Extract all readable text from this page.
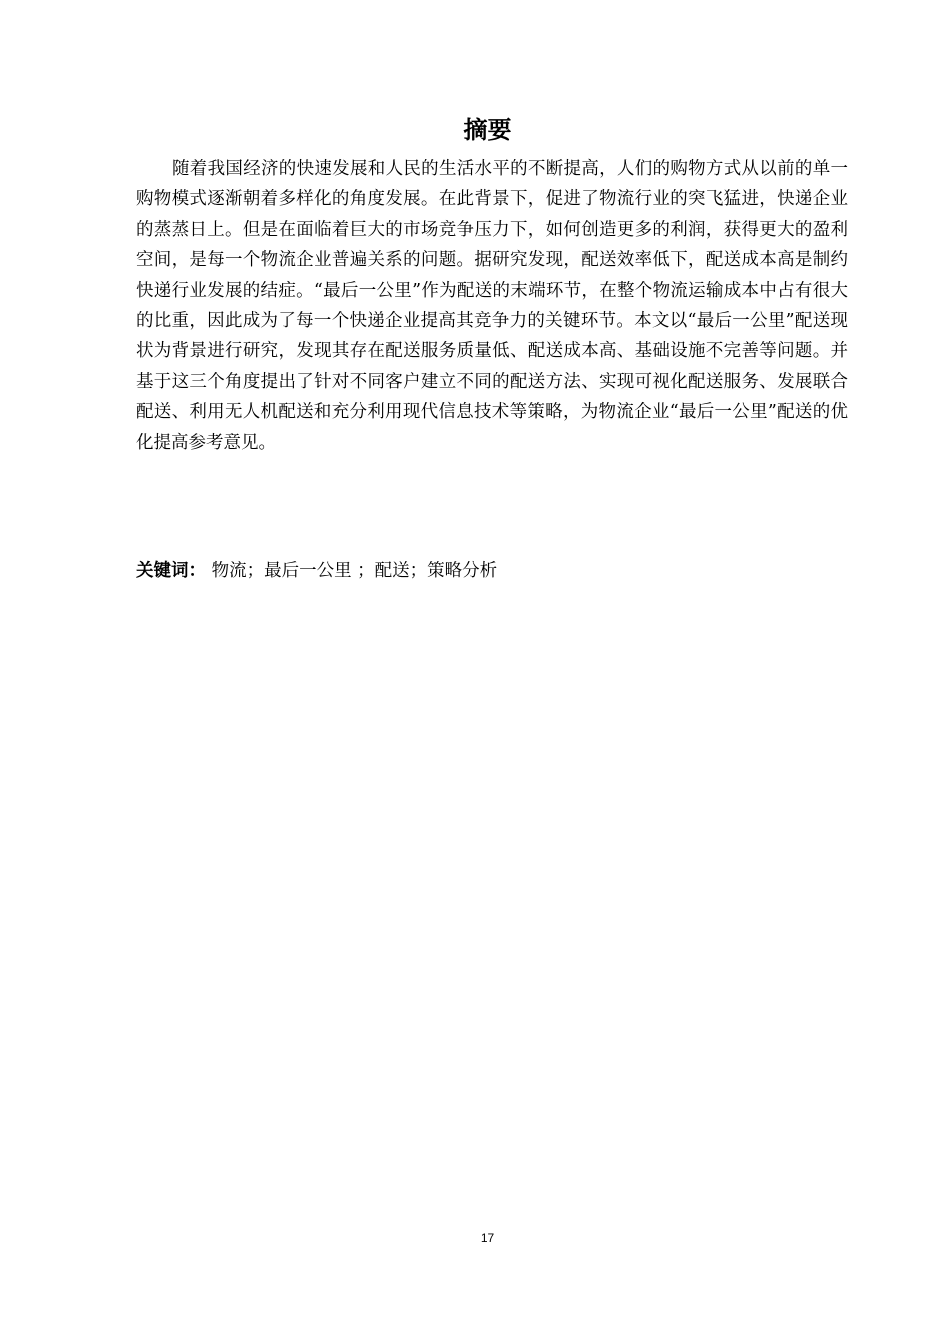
摘要

随着我国经济的快速发展和人民的生活水平的不断提高，人们的购物方式从以前的单一购物模式逐渐朝着多样化的角度发展。在此背景下，促进了物流行业的突飞猛进，快递企业的蒸蒸日上。但是在面临着巨大的市场竞争压力下，如何创造更多的利润，获得更大的盈利空间，是每一个物流企业普遍关系的问题。据研究发现，配送效率低下，配送成本高是制约快递行业发展的结症。“最后一公里”作为配送的末端环节，在整个物流运输成本中占有很大的比重，因此成为了每一个快递企业提高其竞争力的关键环节。本文以“最后一公里”配送现状为背景进行研究，发现其存在配送服务质量低、配送成本高、基础设施不完善等问题。并基于这三个角度提出了针对不同客户建立不同的配送方法、实现可视化配送服务、发展联合配送、利用无人机配送和充分利用现代信息技术等策略，为物流企业“最后一公里”配送的优化提高参考意见。

关键词： 物流；最后一公里 ；配送；策略分析
17
